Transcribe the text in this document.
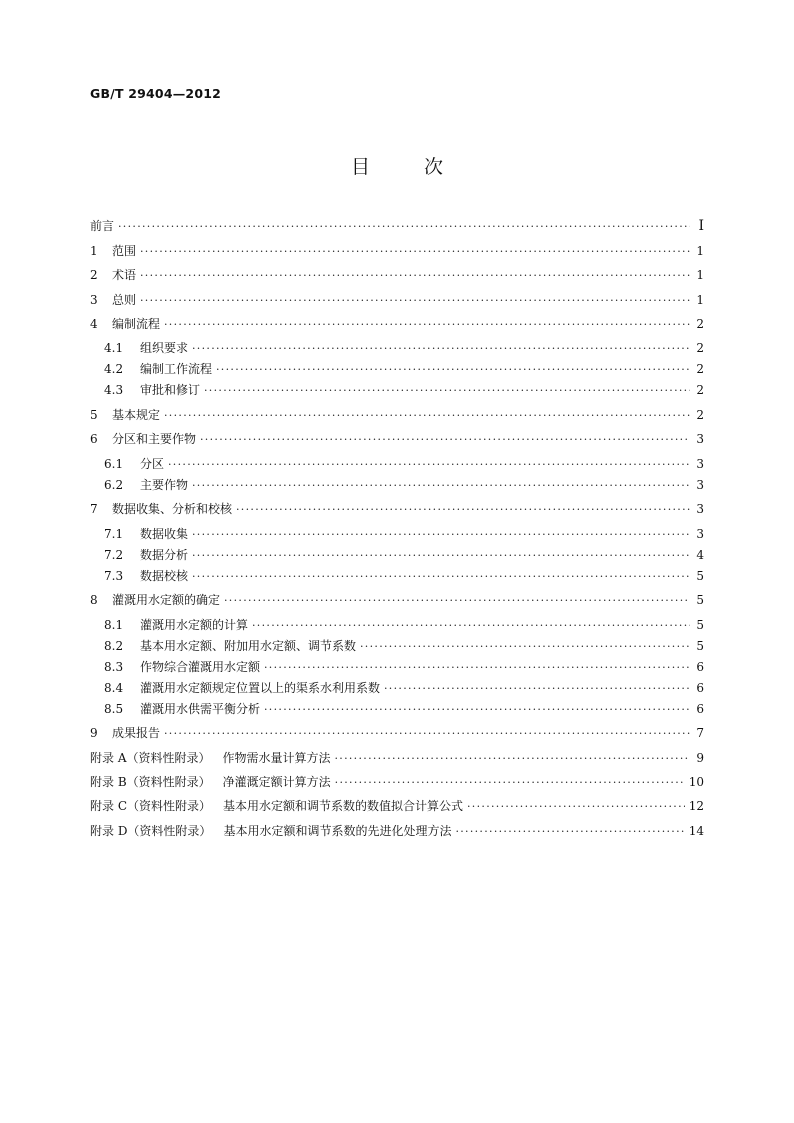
GB/T 29404—2012
目	次
前言 ·····	Ⅰ
1	范围 ·····	1
2	术语 ·····	1
3	总则 ·····	1
4	编制流程 ·····	2
4.1	组织要求 ·····	2
4.2	编制工作流程 ·····	2
4.3	审批和修订 ·····	2
5	基本规定 ·····	2
6	分区和主要作物 ·····	3
6.1	分区 ·····	3
6.2	主要作物 ·····	3
7	数据收集、分析和校核 ·····	3
7.1	数据收集 ·····	3
7.2	数据分析 ·····	4
7.3	数据校核 ·····	5
8	灌溉用水定额的确定 ·····	5
8.1	灌溉用水定额的计算 ·····	5
8.2	基本用水定额、附加用水定额、调节系数 ·····	5
8.3	作物综合灌溉用水定额 ·····	6
8.4	灌溉用水定额规定位置以上的渠系水利用系数 ·····	6
8.5	灌溉用水供需平衡分析 ·····	6
9	成果报告 ·····	7
附录 A（资料性附录） 作物需水量计算方法 ·····	9
附录 B（资料性附录） 净灌溉定额计算方法 ·····	10
附录 C（资料性附录） 基本用水定额和调节系数的数值拟合计算公式 ·····	12
附录 D（资料性附录） 基本用水定额和调节系数的先进化处理方法 ·····	14
